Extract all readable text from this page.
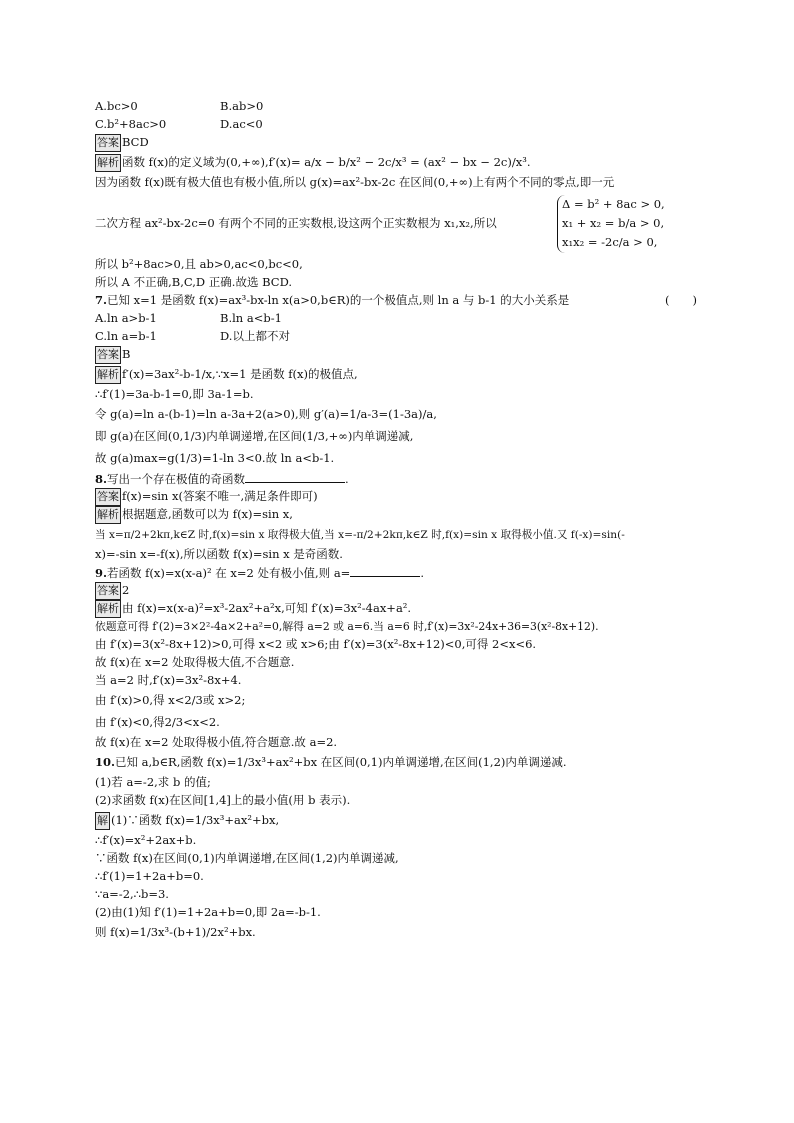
A.bc>0	B.ab>0
C.b²+8ac>0	D.ac<0
答案 BCD
解析 函数 f(x)的定义域为(0,+∞),f′(x)= a/x − b/x² − 2c/x³ = (ax² − bx − 2c)/x³.
因为函数 f(x)既有极大值也有极小值,所以 g(x)=ax²-bx-2c 在区间(0,+∞)上有两个不同的零点,即一元
二次方程 ax²-bx-2c=0 有两个不同的正实数根,设这两个正实数根为 x₁,x₂,所以
Δ = b² + 8ac > 0,
x₁ + x₂ = b/a > 0,
x₁x₂ = -2c/a > 0,
所以 b²+8ac>0,且 ab>0,ac<0,bc<0,
所以 A 不正确,B,C,D 正确.故选 BCD.
7.已知 x=1 是函数 f(x)=ax³-bx-ln x(a>0,b∈R)的一个极值点,则 ln a 与 b-1 的大小关系是	(　　)
A.ln a>b-1	B.ln a<b-1
C.ln a=b-1	D.以上都不对
答案 B
解析 f′(x)=3ax²-b-1/x,∵x=1 是函数 f(x)的极值点,
∴f′(1)=3a-b-1=0,即 3a-1=b.
令 g(a)=ln a-(b-1)=ln a-3a+2(a>0),则 g′(a)=1/a-3=(1-3a)/a,
即 g(a)在区间(0,1/3)内单调递增,在区间(1/3,+∞)内单调递减,
故 g(a)max=g(1/3)=1-ln 3<0.故 ln a<b-1.
8.写出一个存在极值的奇函数	.
答案 f(x)=sin x(答案不唯一,满足条件即可)
解析 根据题意,函数可以为 f(x)=sin x,
当 x=π/2+2kπ,k∈Z 时,f(x)=sin x 取得极大值,当 x=-π/2+2kπ,k∈Z 时,f(x)=sin x 取得极小值.又 f(-x)=sin(-
x)=-sin x=-f(x),所以函数 f(x)=sin x 是奇函数.
9.若函数 f(x)=x(x-a)² 在 x=2 处有极小值,则 a=	.
答案 2
解析 由 f(x)=x(x-a)²=x³-2ax²+a²x,可知 f′(x)=3x²-4ax+a².
依题意可得 f′(2)=3×2²-4a×2+a²=0,解得 a=2 或 a=6.当 a=6 时,f′(x)=3x²-24x+36=3(x²-8x+12).
由 f′(x)=3(x²-8x+12)>0,可得 x<2 或 x>6;由 f′(x)=3(x²-8x+12)<0,可得 2<x<6.
故 f(x)在 x=2 处取得极大值,不合题意.
当 a=2 时,f′(x)=3x²-8x+4.
由 f′(x)>0,得 x<2/3或 x>2;
由 f′(x)<0,得2/3<x<2.
故 f(x)在 x=2 处取得极小值,符合题意.故 a=2.
10.已知 a,b∈R,函数 f(x)=1/3x³+ax²+bx 在区间(0,1)内单调递增,在区间(1,2)内单调递减.
(1)若 a=-2,求 b 的值;
(2)求函数 f(x)在区间[1,4]上的最小值(用 b 表示).
解 (1)∵函数 f(x)=1/3x³+ax²+bx,
∴f′(x)=x²+2ax+b.
∵函数 f(x)在区间(0,1)内单调递增,在区间(1,2)内单调递减,
∴f′(1)=1+2a+b=0.
∵a=-2,∴b=3.
(2)由(1)知 f′(1)=1+2a+b=0,即 2a=-b-1.
则 f(x)=1/3x³-(b+1)/2x²+bx.
